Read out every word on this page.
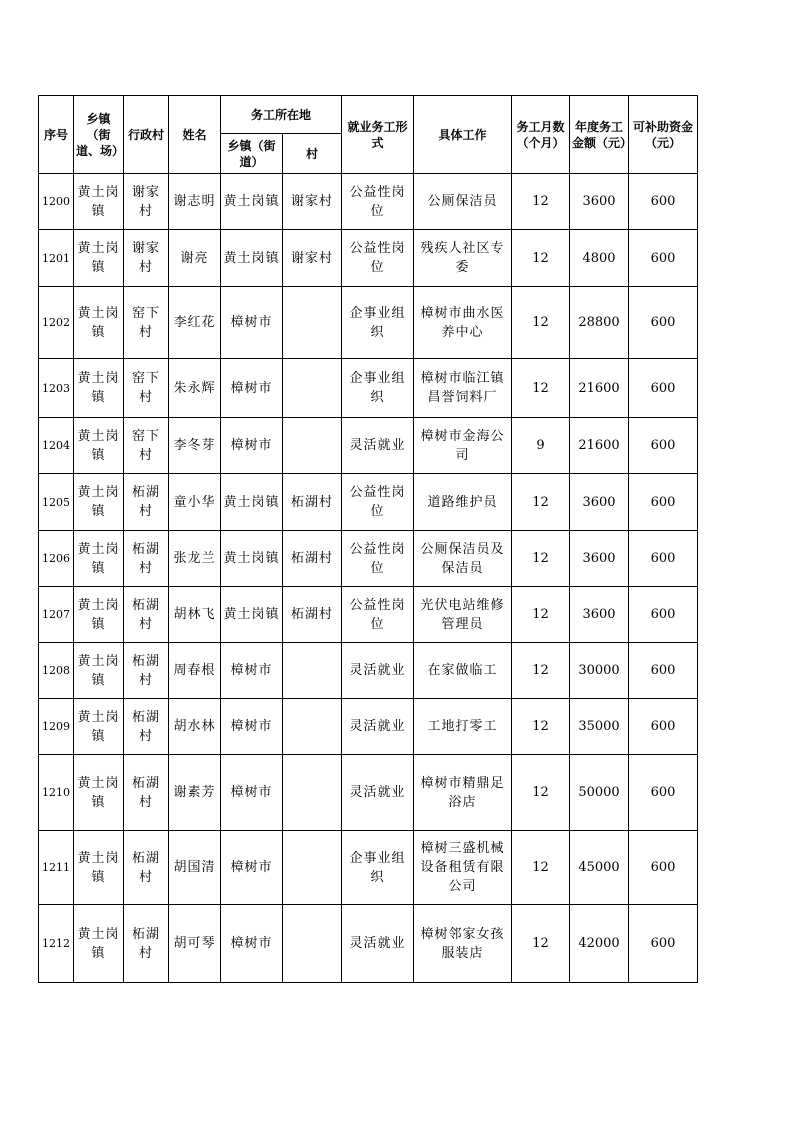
序号	乡镇（街道、场）	行政村	姓名	务工所在地		就业务工形式	具体工作	务工月数（个月）	年度务工金额（元）	可补助资金（元）
				乡镇（街道）	村					
1200	黄土岗镇	谢家村	谢志明	黄土岗镇	谢家村	公益性岗位	公厕保洁员	12	3600	600
1201	黄土岗镇	谢家村	谢亮	黄土岗镇	谢家村	公益性岗位	残疾人社区专委	12	4800	600
1202	黄土岗镇	窑下村	李红花	樟树市		企事业组织	樟树市曲水医养中心	12	28800	600
1203	黄土岗镇	窑下村	朱永辉	樟树市		企事业组织	樟树市临江镇昌誉饲料厂	12	21600	600
1204	黄土岗镇	窑下村	李冬芽	樟树市		灵活就业	樟树市金海公司	9	21600	600
1205	黄土岗镇	柘湖村	童小华	黄土岗镇	柘湖村	公益性岗位	道路维护员	12	3600	600
1206	黄土岗镇	柘湖村	张龙兰	黄土岗镇	柘湖村	公益性岗位	公厕保洁员及保洁员	12	3600	600
1207	黄土岗镇	柘湖村	胡林飞	黄土岗镇	柘湖村	公益性岗位	光伏电站维修管理员	12	3600	600
1208	黄土岗镇	柘湖村	周春根	樟树市		灵活就业	在家做临工	12	30000	600
1209	黄土岗镇	柘湖村	胡水林	樟树市		灵活就业	工地打零工	12	35000	600
1210	黄土岗镇	柘湖村	谢素芳	樟树市		灵活就业	樟树市精鼎足浴店	12	50000	600
1211	黄土岗镇	柘湖村	胡国清	樟树市		企事业组织	樟树三盛机械设备租赁有限公司	12	45000	600
1212	黄土岗镇	柘湖村	胡可琴	樟树市		灵活就业	樟树邻家女孩服装店	12	42000	600
